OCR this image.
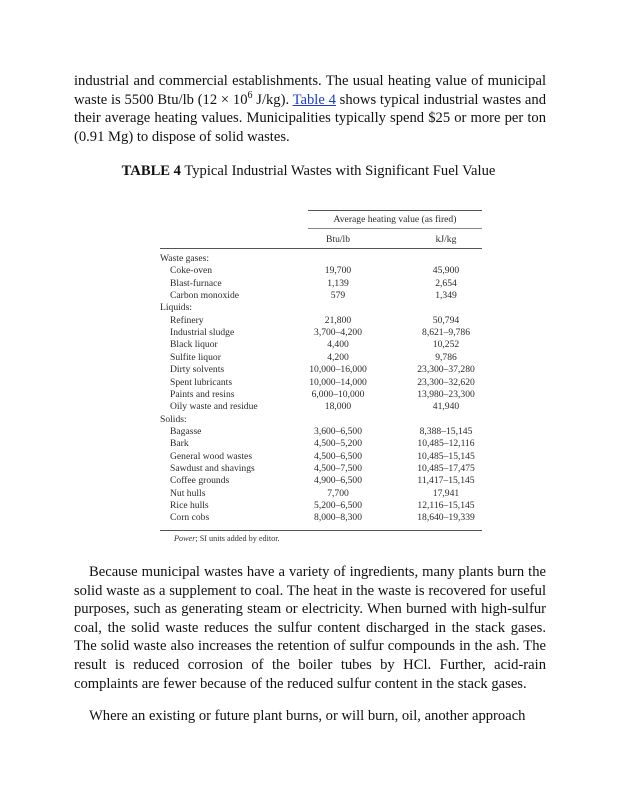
industrial and commercial establishments. The usual heating value of municipal waste is 5500 Btu/lb ($12 \times 10^6$ J/kg). Table 4 shows typical industrial wastes and their average heating values. Municipalities typically spend $25 or more per ton (0.91 Mg) to dispose of solid wastes.

TABLE 4 Typical Industrial Wastes with Significant Fuel Value
Average heating value (as fired)
Btu/lb	kJ/kg
Waste gases:
Coke-oven	19,700	45,900
Blast-furnace	1,139	2,654
Carbon monoxide	579	1,349
Liquids:
Refinery	21,800	50,794
Industrial sludge	3,700–4,200	8,621–9,786
Black liquor	4,400	10,252
Sulfite liquor	4,200	9,786
Dirty solvents	10,000–16,000	23,300–37,280
Spent lubricants	10,000–14,000	23,300–32,620
Paints and resins	6,000–10,000	13,980–23,300
Oily waste and residue	18,000	41,940
Solids:
Bagasse	3,600–6,500	8,388–15,145
Bark	4,500–5,200	10,485–12,116
General wood wastes	4,500–6,500	10,485–15,145
Sawdust and shavings	4,500–7,500	10,485–17,475
Coffee grounds	4,900–6,500	11,417–15,145
Nut hulls	7,700	17,941
Rice hulls	5,200–6,500	12,116–15,145
Corn cobs	8,000–8,300	18,640–19,339
Power; SI units added by editor.

Because municipal wastes have a variety of ingredients, many plants burn the solid waste as a supplement to coal. The heat in the waste is recovered for useful purposes, such as generating steam or electricity. When burned with high-sulfur coal, the solid waste reduces the sulfur content discharged in the stack gases. The solid waste also increases the retention of sulfur compounds in the ash. The result is reduced corrosion of the boiler tubes by HCl. Further, acid-rain complaints are fewer because of the reduced sulfur content in the stack gases.

Where an existing or future plant burns, or will burn, oil, another approach
